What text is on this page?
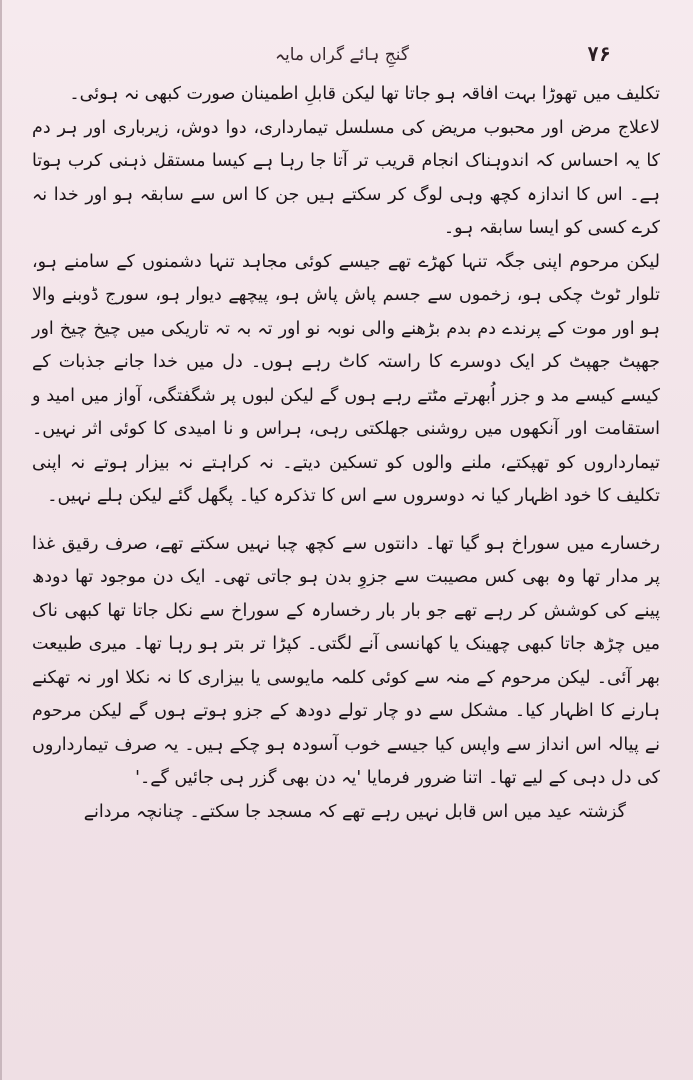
گنجِ ہائے گراں مایہ	۷۶

تکلیف میں تھوڑا بہت افاقہ ہو جاتا تھا لیکن قابلِ اطمینان صورت کبھی نہ ہوئی۔

لاعلاج مرض اور محبوب مریض کی مسلسل تیمارداری، دوا دوش، زیرباری اور ہر دم کا یہ احساس کہ اندوہناک انجام قریب تر آتا جا رہا ہے کیسا مستقل ذہنی کرب ہوتا ہے۔ اس کا اندازہ کچھ وہی لوگ کر سکتے ہیں جن کا اس سے سابقہ ہو اور خدا نہ کرے کسی کو ایسا سابقہ ہو۔

لیکن مرحوم اپنی جگہ تنہا کھڑے تھے جیسے کوئی مجاہد تنہا دشمنوں کے سامنے ہو، تلوار ٹوٹ چکی ہو، زخموں سے جسم پاش پاش ہو، پیچھے دیوار ہو، سورج ڈوبنے والا ہو اور موت کے پرندے دم بدم بڑھنے والی نوبہ نو اور تہ بہ تہ تاریکی میں چیخ چیخ اور جھپٹ جھپٹ کر ایک دوسرے کا راستہ کاٹ رہے ہوں۔ دل میں خدا جانے جذبات کے کیسے کیسے مد و جزر اُبھرتے مٹتے رہے ہوں گے لیکن لبوں پر شگفتگی، آواز میں امید و استقامت اور آنکھوں میں روشنی جھلکتی رہی، ہراس و نا امیدی کا کوئی اثر نہیں۔ تیمارداروں کو تھپکتے، ملنے والوں کو تسکین دیتے۔ نہ کراہتے نہ بیزار ہوتے نہ اپنی تکلیف کا خود اظہار کیا نہ دوسروں سے اس کا تذکرہ کیا۔ پگھل گئے لیکن ہلے نہیں۔

رخسارے میں سوراخ ہو گیا تھا۔ دانتوں سے کچھ چبا نہیں سکتے تھے، صرف رقیق غذا پر مدار تھا وہ بھی کس مصیبت سے جزوِ بدن ہو جاتی تھی۔ ایک دن موجود تھا دودھ پینے کی کوشش کر رہے تھے جو بار بار رخسارہ کے سوراخ سے نکل جاتا تھا کبھی ناک میں چڑھ جاتا کبھی چھینک یا کھانسی آنے لگتی۔ کپڑا تر بتر ہو رہا تھا۔ میری طبیعت بھر آئی۔ لیکن مرحوم کے منہ سے کوئی کلمہ مایوسی یا بیزاری کا نہ نکلا اور نہ تھکنے ہارنے کا اظہار کیا۔ مشکل سے دو چار تولے دودھ کے جزو ہوتے ہوں گے لیکن مرحوم نے پیالہ اس انداز سے واپس کیا جیسے خوب آسودہ ہو چکے ہیں۔ یہ صرف تیمارداروں کی دل دہی کے لیے تھا۔ اتنا ضرور فرمایا 'یہ دن بھی گزر ہی جائیں گے۔'

گزشتہ عید میں اس قابل نہیں رہے تھے کہ مسجد جا سکتے۔ چنانچہ مردانے
